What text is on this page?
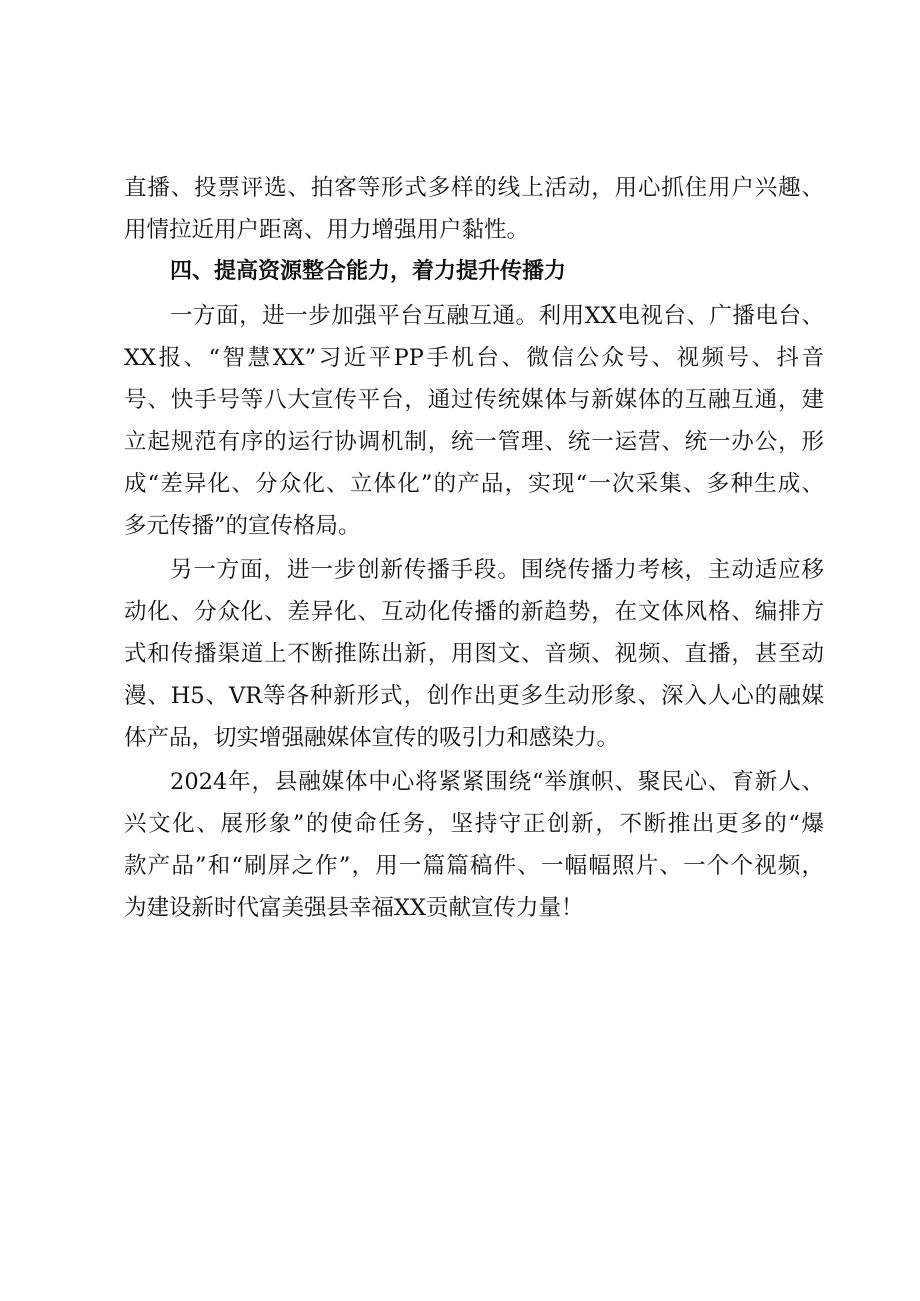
直播、投票评选、拍客等形式多样的线上活动，用心抓住用户兴趣、
用情拉近用户距离、用力增强用户黏性。
四、提高资源整合能力，着力提升传播力
一方面，进一步加强平台互融互通。利用XX电视台、广播电台、
XX报、“智慧XX”习近平PP手机台、微信公众号、视频号、抖音
号、快手号等八大宣传平台，通过传统媒体与新媒体的互融互通，建
立起规范有序的运行协调机制，统一管理、统一运营、统一办公，形
成“差异化、分众化、立体化”的产品，实现“一次采集、多种生成、
多元传播”的宣传格局。
另一方面，进一步创新传播手段。围绕传播力考核，主动适应移
动化、分众化、差异化、互动化传播的新趋势，在文体风格、编排方
式和传播渠道上不断推陈出新，用图文、音频、视频、直播，甚至动
漫、H5、VR等各种新形式，创作出更多生动形象、深入人心的融媒
体产品，切实增强融媒体宣传的吸引力和感染力。
2024年，县融媒体中心将紧紧围绕“举旗帜、聚民心、育新人、
兴文化、展形象”的使命任务，坚持守正创新，不断推出更多的“爆
款产品”和“刷屏之作”，用一篇篇稿件、一幅幅照片、一个个视频，
为建设新时代富美强县幸福XX贡献宣传力量！
